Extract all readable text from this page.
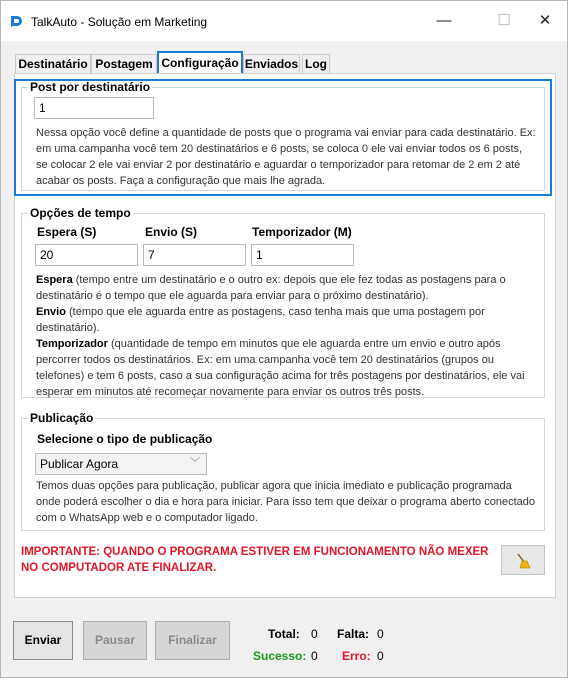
TalkAuto - Solução em Marketing	—	☐	✕
Destinatário Postagem Configuração Enviados Log
Post por destinatário
1
Nessa opção você define a quantidade de posts que o programa vai enviar para cada destinatário. Ex: em uma campanha você tem 20 destinatários e 6 posts, se coloca 0 ele vai enviar todos os 6 posts, se colocar 2 ele vai enviar 2 por destinatário e aguardar o temporizador para retomar de 2 em 2 até acabar os posts. Faça a configuração que mais lhe agrada.
Opções de tempo
Espera (S)	Envio (S)	Temporizador (M)
20	7	1
Espera (tempo entre um destinatário e o outro ex: depois que ele fez todas as postagens para o destinatário é o tempo que ele aguarda para enviar para o próximo destinatário).
Envio (tempo que ele aguarda entre as postagens, caso tenha mais que uma postagem por destinatário).
Temporizador (quantidade de tempo em minutos que ele aguarda entre um envio e outro após percorrer todos os destinatários. Ex: em uma campanha você tem 20 destinatários (grupos ou telefones) e tem 6 posts, caso a sua configuração acima for três postagens por destinatários, ele vai esperar em minutos até recomeçar novamente para enviar os outros três posts.
Publicação
Selecione o tipo de publicação
Publicar Agora	﹀
Temos duas opções para publicação, publicar agora que inicia imediato e publicação programada onde poderá escolher o dia e hora para iniciar. Para isso tem que deixar o programa aberto conectado com o WhatsApp web e o computador ligado.
IMPORTANTE: QUANDO O PROGRAMA ESTIVER EM FUNCIONAMENTO NÃO MEXER NO COMPUTADOR ATE FINALIZAR.
Enviar	Pausar	Finalizar	Total: 0 Falta: 0
Sucesso: 0 Erro: 0
